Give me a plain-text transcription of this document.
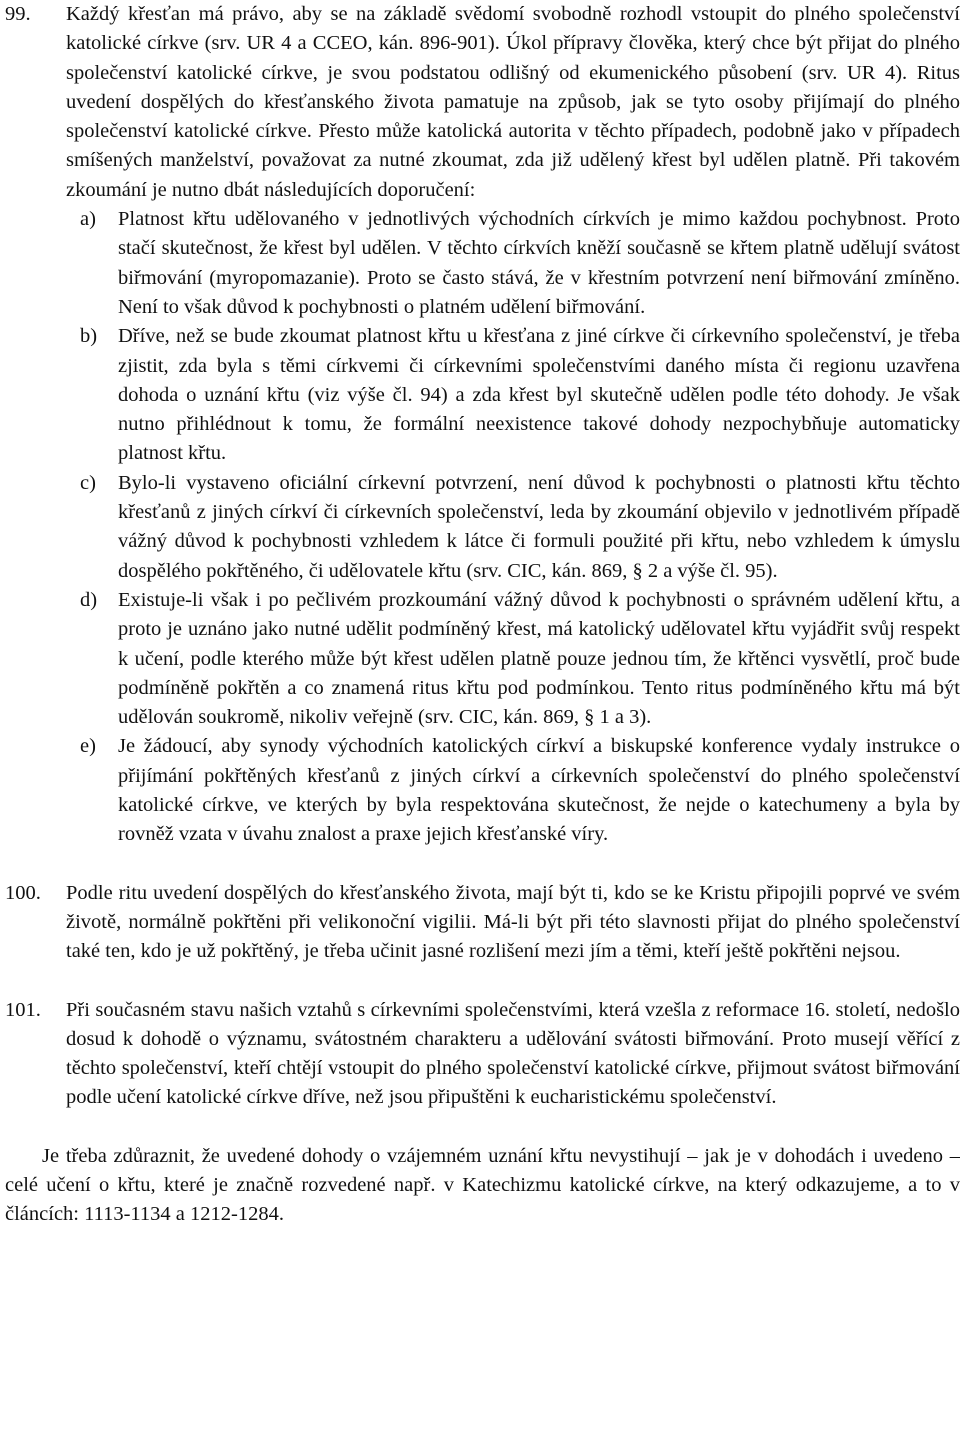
99. Každý křesťan má právo, aby se na základě svědomí svobodně rozhodl vstoupit do plného společenství katolické církve (srv. UR 4 a CCEO, kán. 896-901). Úkol přípravy člověka, který chce být přijat do plného společenství katolické církve, je svou podstatou odlišný od ekumenického působení (srv. UR 4). Ritus uvedení dospělých do křesťanského života pamatuje na způsob, jak se tyto osoby přijímají do plného společenství katolické církve. Přesto může katolická autorita v těchto případech, podobně jako v případech smíšených manželství, považovat za nutné zkoumat, zda již udělený křest byl udělen platně. Při takovém zkoumání je nutno dbát následujících doporučení:
a) Platnost křtu udělovaného v jednotlivých východních církvích je mimo každou pochybnost. Proto stačí skutečnost, že křest byl udělen. V těchto církvích kněží současně se křtem platně udělují svátost biřmování (myropomazanie). Proto se často stává, že v křestním potvrzení není biřmování zmíněno. Není to však důvod k pochybnosti o platném udělení biřmování.
b) Dříve, než se bude zkoumat platnost křtu u křesťana z jiné církve či církevního společenství, je třeba zjistit, zda byla s těmi církvemi či církevními společenstvími daného místa či regionu uzavřena dohoda o uznání křtu (viz výše čl. 94) a zda křest byl skutečně udělen podle této dohody. Je však nutno přihlédnout k tomu, že formální neexistence takové dohody nezpochybňuje automaticky platnost křtu.
c) Bylo-li vystaveno oficiální církevní potvrzení, není důvod k pochybnosti o platnosti křtu těchto křesťanů z jiných církví či církevních společenství, leda by zkoumání objevilo v jednotlivém případě vážný důvod k pochybnosti vzhledem k látce či formuli použité při křtu, nebo vzhledem k úmyslu dospělého pokřtěného, či udělovatele křtu (srv. CIC, kán. 869, § 2 a výše čl. 95).
d) Existuje-li však i po pečlivém prozkoumání vážný důvod k pochybnosti o správném udělení křtu, a proto je uznáno jako nutné udělit podmíněný křest, má katolický udělovatel křtu vyjádřit svůj respekt k učení, podle kterého může být křest udělen platně pouze jednou tím, že křtěnci vysvětlí, proč bude podmíněně pokřtěn a co znamená ritus křtu pod podmínkou. Tento ritus podmíněného křtu má být udělován soukromě, nikoliv veřejně (srv. CIC, kán. 869, § 1 a 3).
e) Je žádoucí, aby synody východních katolických církví a biskupské konference vydaly instrukce o přijímání pokřtěných křesťanů z jiných církví a církevních společenství do plného společenství katolické církve, ve kterých by byla respektována skutečnost, že nejde o katechumeny a byla by rovněž vzata v úvahu znalost a praxe jejich křesťanské víry.
100. Podle ritu uvedení dospělých do křesťanského života, mají být ti, kdo se ke Kristu připojili poprvé ve svém životě, normálně pokřtěni při velikonoční vigilii. Má-li být při této slavnosti přijat do plného společenství také ten, kdo je už pokřtěný, je třeba učinit jasné rozlišení mezi jím a těmi, kteří ještě pokřtěni nejsou.
101. Při současném stavu našich vztahů s církevními společenstvími, která vzešla z reformace 16. století, nedošlo dosud k dohodě o významu, svátostném charakteru a udělování svátosti biřmování. Proto musejí věřící z těchto společenství, kteří chtějí vstoupit do plného společenství katolické církve, přijmout svátost biřmování podle učení katolické církve dříve, než jsou připuštěni k eucharistickému společenství.
Je třeba zdůraznit, že uvedené dohody o vzájemném uznání křtu nevystihují – jak je v dohodách i uvedeno – celé učení o křtu, které je značně rozvedené např. v Katechizmu katolické církve, na který odkazujeme, a to v článcích: 1113-1134 a 1212-1284.
